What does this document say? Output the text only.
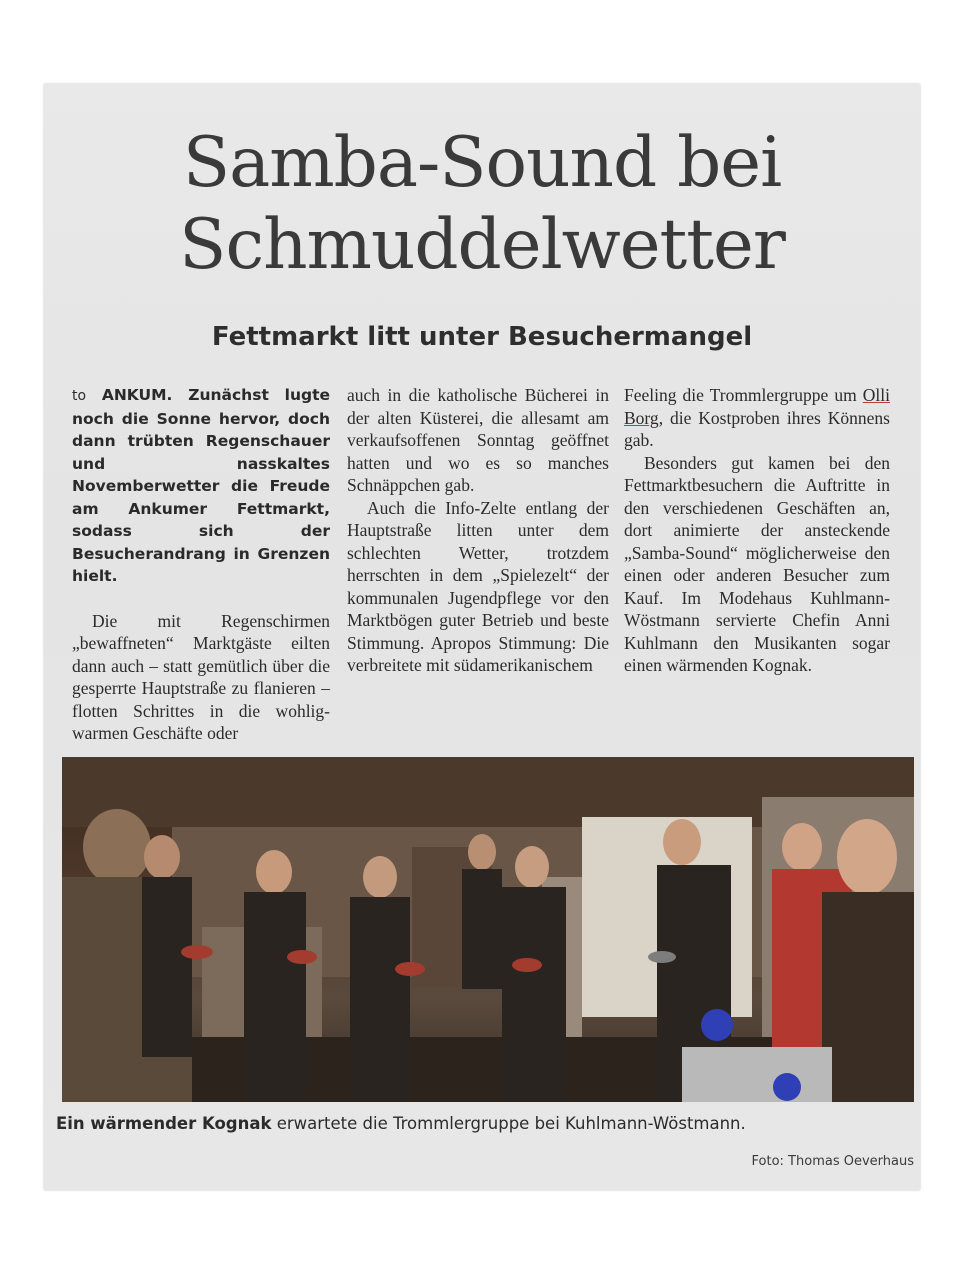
Samba-Sound bei
Schmuddelwetter
Fettmarkt litt unter Besuchermangel

to ANKUM. Zunächst lugte noch die Sonne hervor, doch dann trübten Regenschauer und nasskaltes Novemberwetter die Freude am Ankumer Fettmarkt, sodass sich der Besucherandrang in Grenzen hielt.

Die mit Regenschirmen „bewaffneten“ Marktgäste eilten dann auch – statt gemütlich über die gesperrte Hauptstraße zu flanieren – flotten Schrittes in die wohlig-warmen Geschäfte oder

auch in die katholische Bücherei in der alten Küsterei, die allesamt am verkaufsoffenen Sonntag geöffnet hatten und wo es so manches Schnäppchen gab.

Auch die Info-Zelte entlang der Hauptstraße litten unter dem schlechten Wetter, trotzdem herrschten in dem „Spielezelt“ der kommunalen Jugendpflege vor den Marktbögen guter Betrieb und beste Stimmung. Apropos Stimmung: Die verbreitete mit südamerikanischem

Feeling die Trommlergruppe um Olli Borg, die Kostproben ihres Könnens gab.

Besonders gut kamen bei den Fettmarktbesuchern die Auftritte in den verschiedenen Geschäften an, dort animierte der ansteckende „Samba-Sound“ möglicherweise den einen oder anderen Besucher zum Kauf. Im Modehaus Kuhlmann-Wöstmann servierte Chefin Anni Kuhlmann den Musikanten sogar einen wärmenden Kognak.

Ein wärmender Kognak erwartete die Trommlergruppe bei Kuhlmann-Wöstmann.
Foto: Thomas Oeverhaus
